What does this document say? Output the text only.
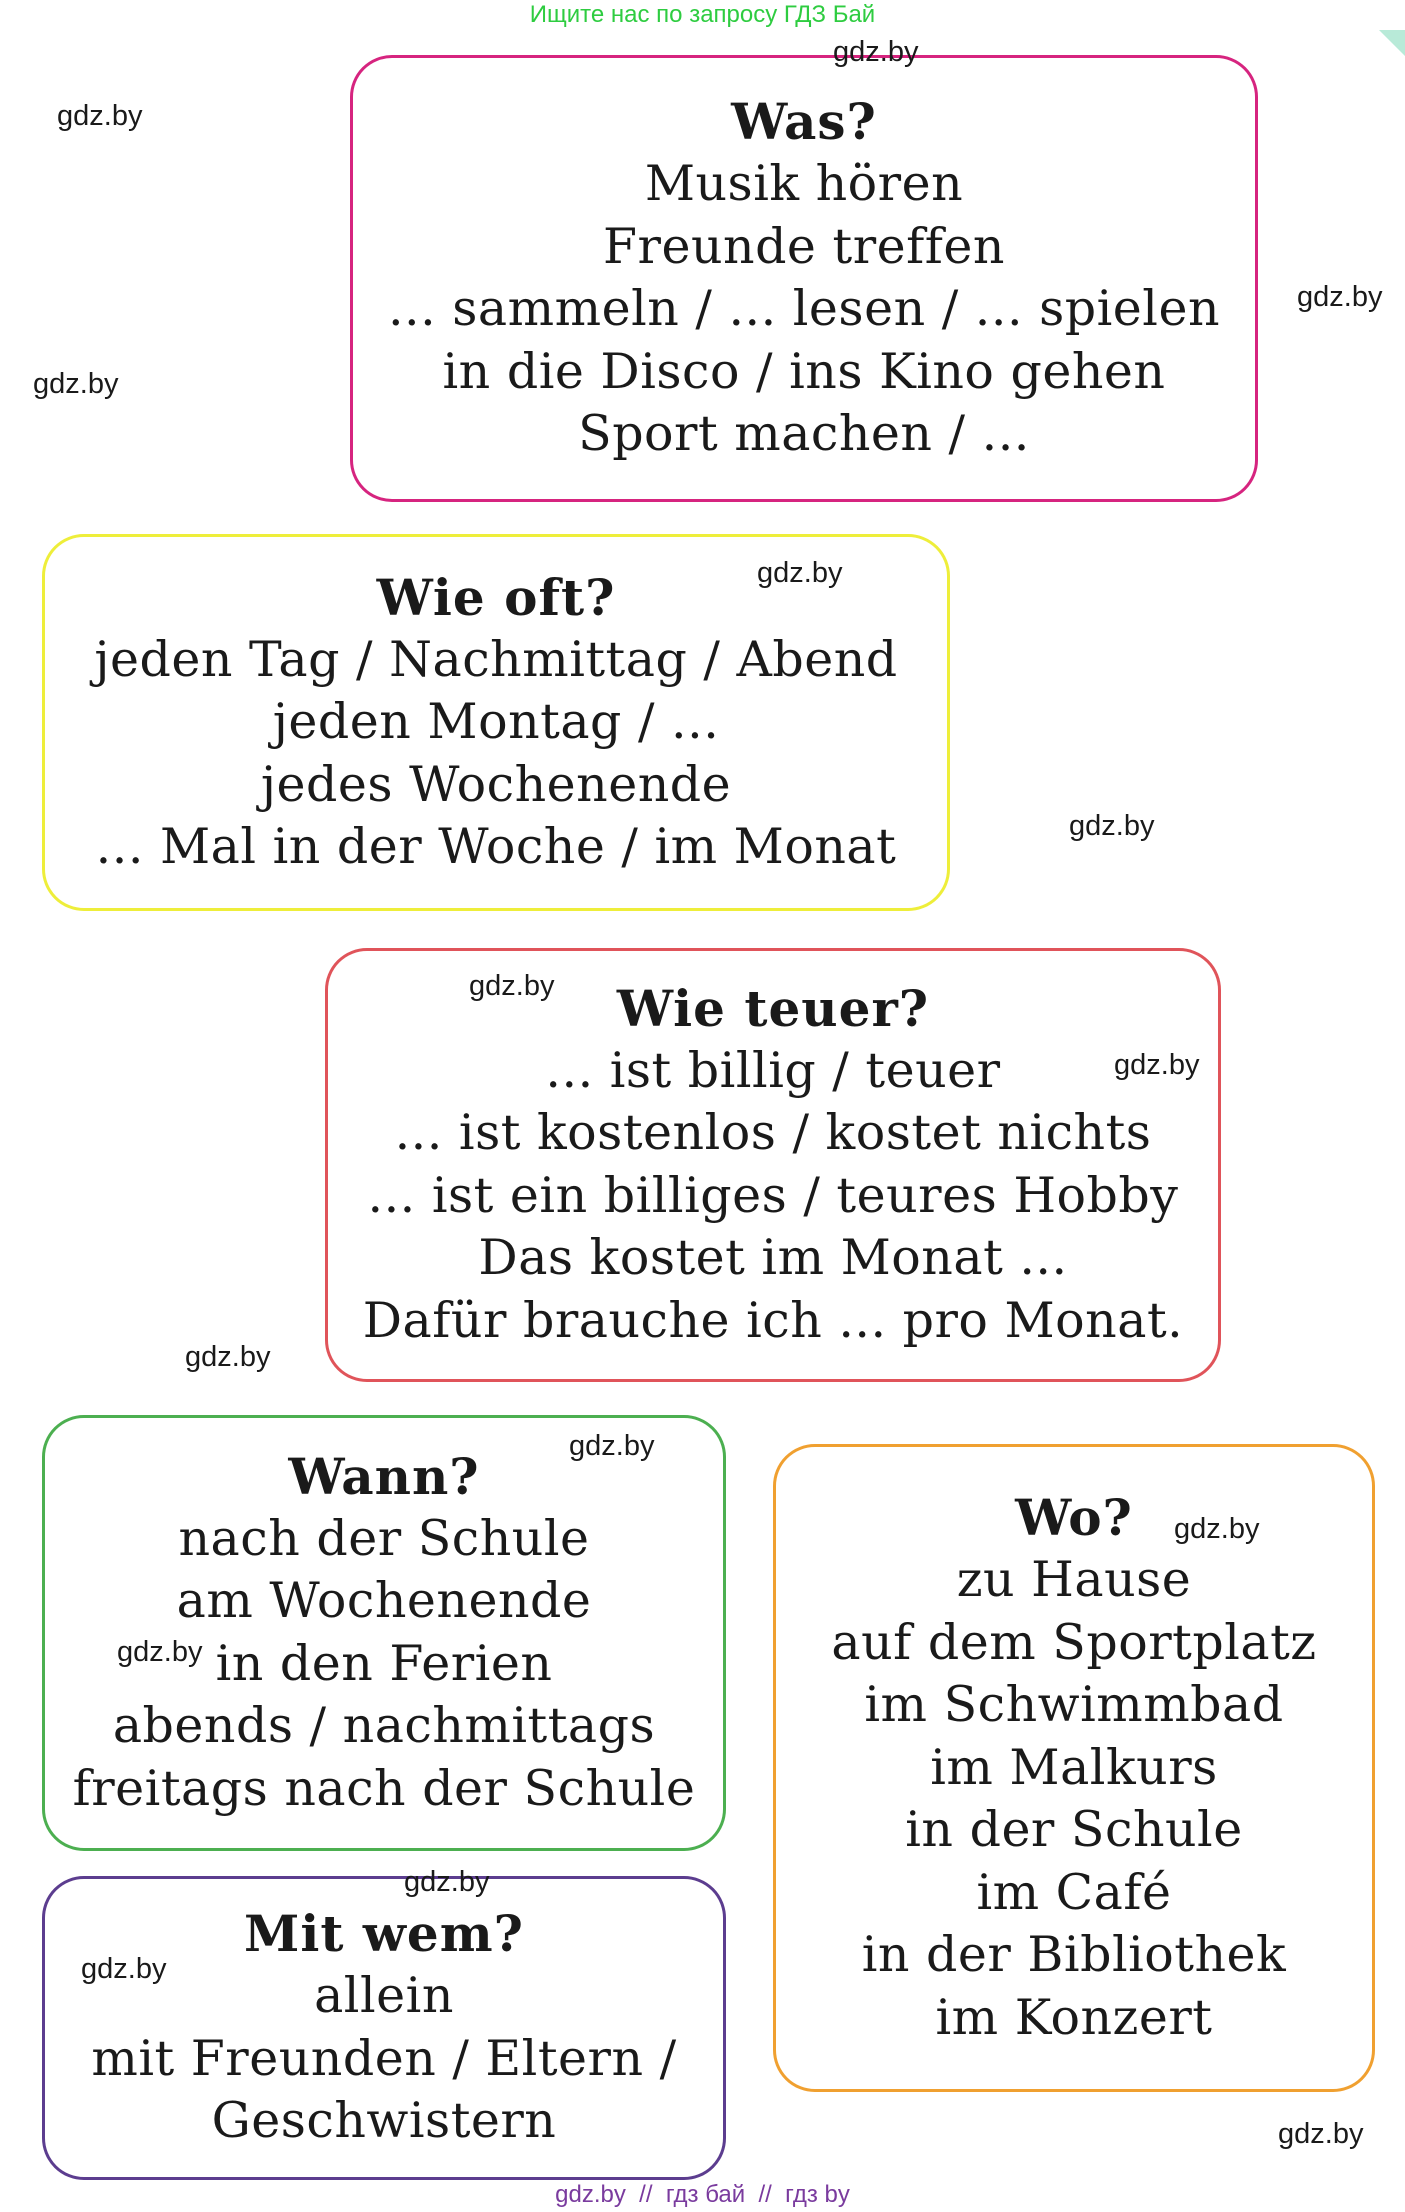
Ищите нас по запросу ГДЗ Бай
Was?
Musik hören
Freunde treffen
... sammeln / ... lesen / ... spielen
in die Disco / ins Kino gehen
Sport machen / ...
Wie oft?
jeden Tag / Nachmittag / Abend
jeden Montag / ...
jedes Wochenende
... Mal in der Woche / im Monat
Wie teuer?
... ist billig / teuer
... ist kostenlos / kostet nichts
... ist ein billiges / teures Hobby
Das kostet im Monat ...
Dafür brauche ich ... pro Monat.
Wann?
nach der Schule
am Wochenende
in den Ferien
abends / nachmittags
freitags nach der Schule
Mit wem?
allein
mit Freunden / Eltern /
Geschwistern
Wo?
zu Hause
auf dem Sportplatz
im Schwimmbad
im Malkurs
in der Schule
im Café
in der Bibliothek
im Konzert
gdz.by
gdz.by
gdz.by
gdz.by
gdz.by
gdz.by
gdz.by
gdz.by
gdz.by
gdz.by
gdz.by
gdz.by
gdz.by
gdz.by
gdz.by
gdz.by  //  гдз бай  //  гдз by
